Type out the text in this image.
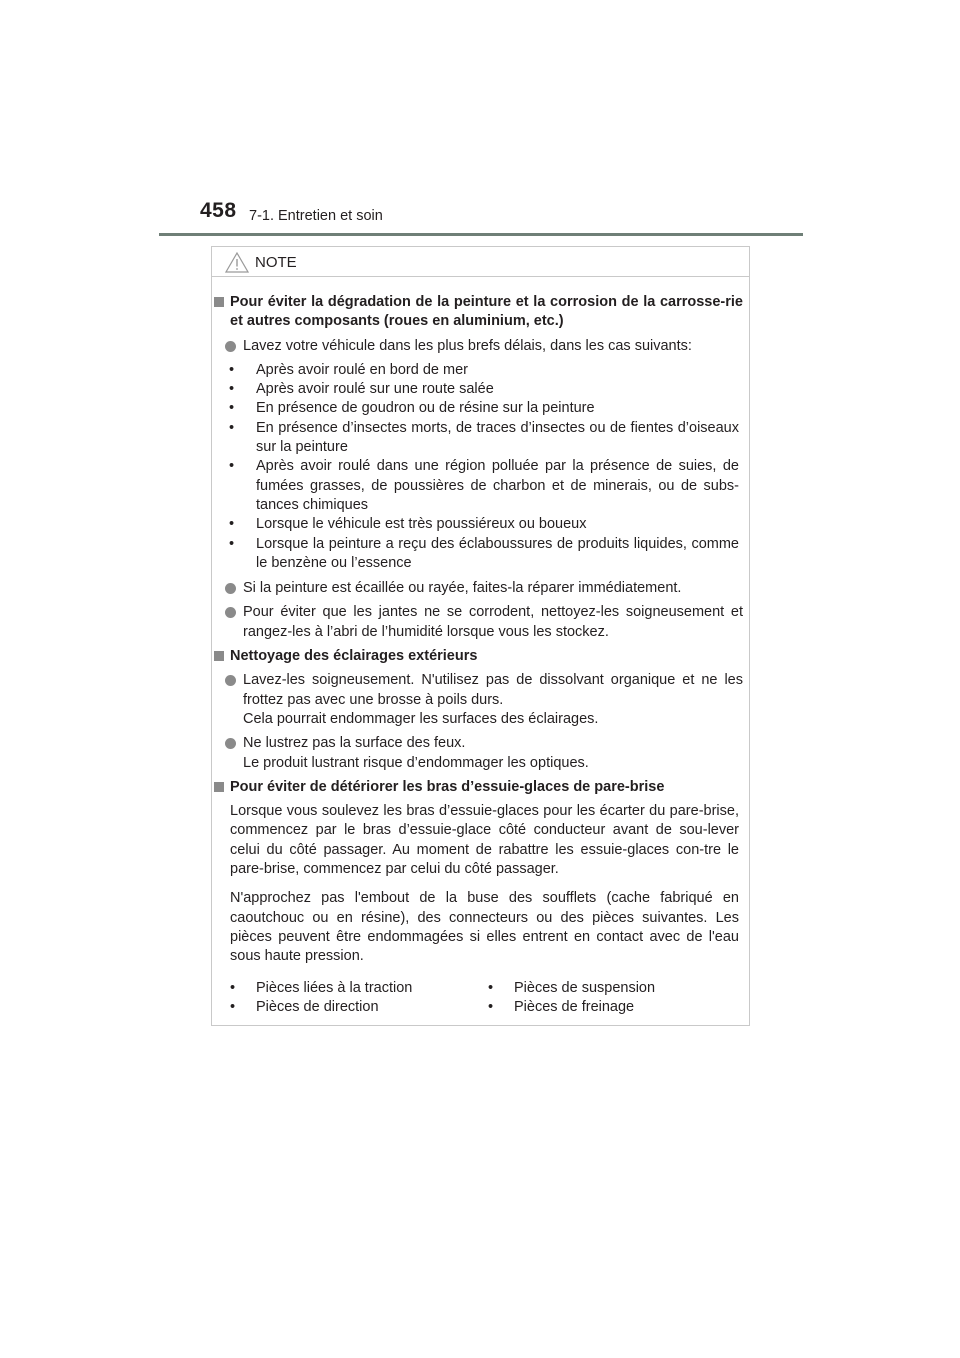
458 7-1. Entretien et soin
NOTE
Pour éviter la dégradation de la peinture et la corrosion de la carrosse-rie et autres composants (roues en aluminium, etc.)
Lavez votre véhicule dans les plus brefs délais, dans les cas suivants:
• Après avoir roulé en bord de mer
• Après avoir roulé sur une route salée
• En présence de goudron ou de résine sur la peinture
• En présence d’insectes morts, de traces d’insectes ou de fientes d’oiseaux sur la peinture
• Après avoir roulé dans une région polluée par la présence de suies, de fumées grasses, de poussières de charbon et de minerais, ou de subs-tances chimiques
• Lorsque le véhicule est très poussiéreux ou boueux
• Lorsque la peinture a reçu des éclaboussures de produits liquides, comme le benzène ou l’essence
Si la peinture est écaillée ou rayée, faites-la réparer immédiatement.
Pour éviter que les jantes ne se corrodent, nettoyez-les soigneusement et rangez-les à l’abri de l’humidité lorsque vous les stockez.
Nettoyage des éclairages extérieurs
Lavez-les soigneusement. N'utilisez pas de dissolvant organique et ne les frottez pas avec une brosse à poils durs.
Cela pourrait endommager les surfaces des éclairages.
Ne lustrez pas la surface des feux.
Le produit lustrant risque d’endommager les optiques.
Pour éviter de détériorer les bras d’essuie-glaces de pare-brise
Lorsque vous soulevez les bras d’essuie-glaces pour les écarter du pare-brise, commencez par le bras d’essuie-glace côté conducteur avant de sou-lever celui du côté passager. Au moment de rabattre les essuie-glaces con-tre le pare-brise, commencez par celui du côté passager.
N'approchez pas l'embout de la buse des soufflets (cache fabriqué en caoutchouc ou en résine), des connecteurs ou des pièces suivantes. Les pièces peuvent être endommagées si elles entrent en contact avec de l'eau sous haute pression.
• Pièces liées à la traction
• Pièces de direction
• Pièces de suspension
• Pièces de freinage
